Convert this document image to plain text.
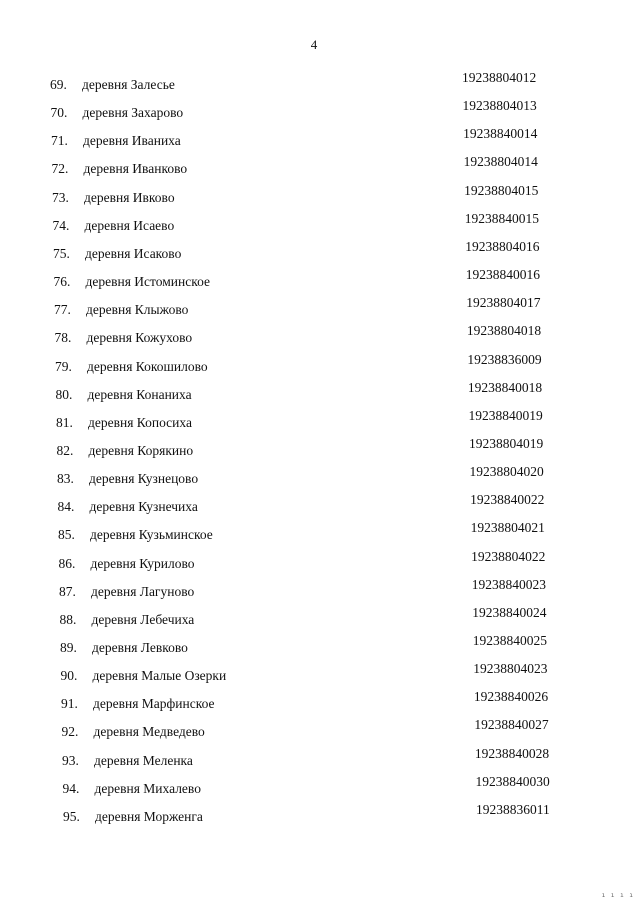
4
69. деревня Залесье	19238804012
70. деревня Захарово	19238804013
71. деревня Иваниха	19238840014
72. деревня Иванково	19238804014
73. деревня Ивково	19238804015
74. деревня Исаево	19238840015
75. деревня Исаково	19238804016
76. деревня Истоминское	19238840016
77. деревня Клыжово	19238804017
78. деревня Кожухово	19238804018
79. деревня Кокошилово	19238836009
80. деревня Конаниха	19238840018
81. деревня Копосиха	19238840019
82. деревня Корякино	19238804019
83. деревня Кузнецово	19238804020
84. деревня Кузнечиха	19238840022
85. деревня Кузьминское	19238804021
86. деревня Курилово	19238804022
87. деревня Лагуново	19238840023
88. деревня Лебечиха	19238840024
89. деревня Левково	19238840025
90. деревня Малые Озерки	19238804023
91. деревня Марфинское	19238840026
92. деревня Медведево	19238840027
93. деревня Меленка	19238840028
94. деревня Михалево	19238840030
95. деревня Морженга	19238836011
ı ı ı ı
